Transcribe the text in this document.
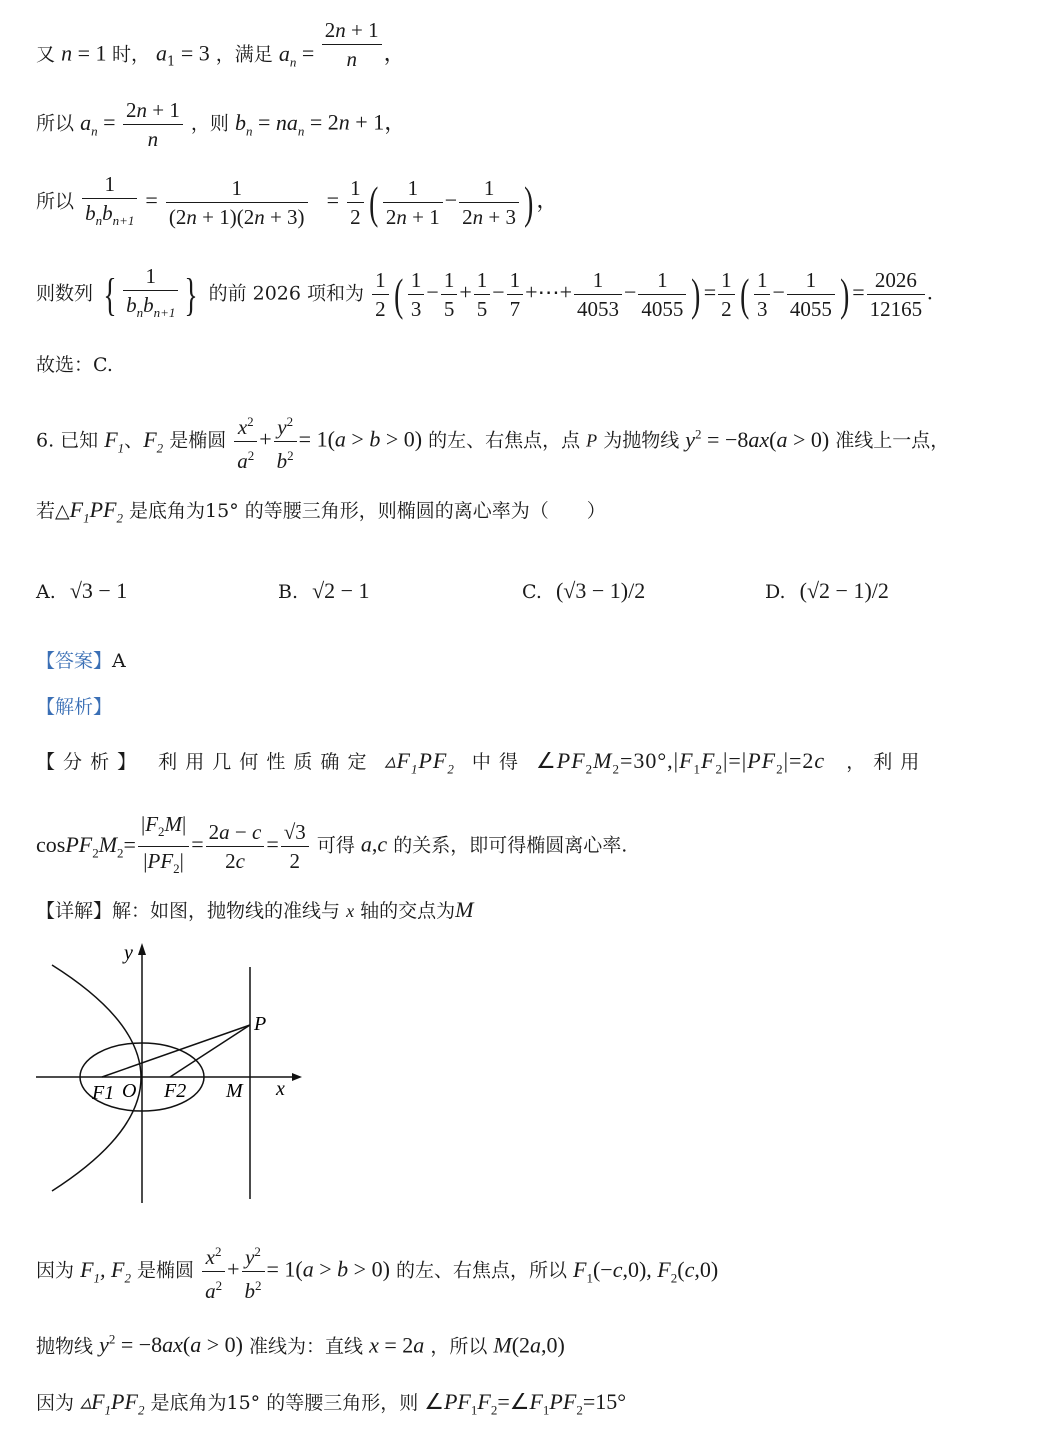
又 n = 1 时， $a_1 = 3$ ，满足 $a_n = \frac{2n + 1}{n}$ ，
所以 $a_n = \frac{2n + 1}{n}$ ，则 $b_n = na_n = 2n + 1$，
所以
1
$b_nb_{n+1}$
= $\frac{1}{(2n + 1)(2n + 3)} = \frac{1}{2}$ ( $\frac{1}{2n + 1} - \frac{1}{2n + 3}$ ) ，
则数列 {	1
$b_nb_{n+1}$ } 的前 2026 项和为 $\frac{1}{2}$ ( $\frac{1}{3} - \frac{1}{5} + \frac{1}{5} - \frac{1}{7}$ +⋯+ $\frac{1}{4053} - \frac{1}{4055}$ ) = $\frac{1}{2}$ ( $\frac{1}{3} - \frac{1}{4055}$ ) = $\frac{2026}{12165}$ .
故选：C.
6. 已知 $F_1$、$F_2$ 是椭圆 $\frac{x^2}{a^2} + \frac{y^2}{b^2} = 1(a > b > 0)$ 的左、右焦点，点 P 为抛物线 $y^2 = -8ax(a > 0)$ 准线上一点，
若$\triangle F_1PF_2$ 是底角为15° 的等腰三角形，则椭圆的离心率为（　　）
A. √3 − 1	B. √2 − 1	C. (√3 − 1)/2	D. (√2 − 1)/2
【答案】A
【解析】
【 分 析 】 利 用 几 何 性 质 确 定 $▵F_1PF_2$ 中 得 $\angle PF_2M_2=30^\circ,|F_1F_2|=|PF_2|=2c$ ， 利 用
$cosPF_2M_2= \frac{|F_2M|}{|PF_2|} = \frac{2a - c}{2c} = \frac{√3}{2}$ 可得 a,c 的关系，即可得椭圆离心率.
【详解】解：如图，抛物线的准线与 x 轴的交点为M
y
P
F1 O F2 M x
因为 $F_1$, $F_2$ 是椭圆 $\frac{x^2}{a^2} + \frac{y^2}{b^2} = 1(a > b > 0)$ 的左、右焦点，所以 $F_1(-c,0)$, $F_2(c,0)$
抛物线 $y^2 = -8ax(a > 0)$ 准线为：直线 x = 2a ，所以 M(2a,0)
因为 $▵F_1PF_2$ 是底角为15° 的等腰三角形，则 $\angle PF_1F_2=\angle F_1PF_2=15^\circ$
